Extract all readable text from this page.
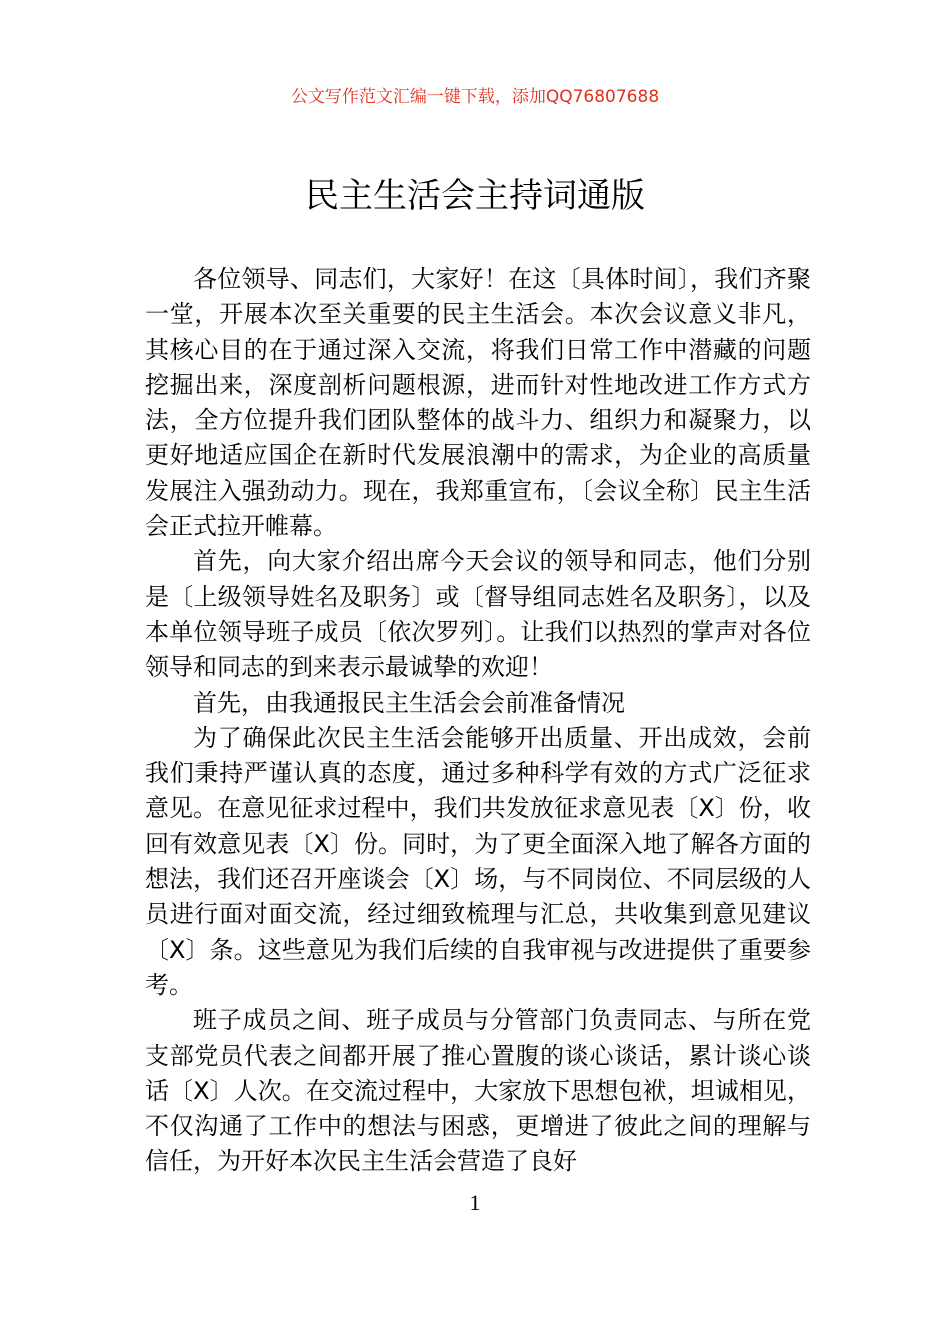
公文写作范文汇编一键下载，添加QQ76807688
民主生活会主持词通版

各位领导、同志们，大家好！在这〔具体时间〕，我们齐聚一堂，开展本次至关重要的民主生活会。本次会议意义非凡，其核心目的在于通过深入交流，将我们日常工作中潜藏的问题挖掘出来，深度剖析问题根源，进而针对性地改进工作方式方法，全方位提升我们团队整体的战斗力、组织力和凝聚力，以更好地适应国企在新时代发展浪潮中的需求，为企业的高质量发展注入强劲动力。现在，我郑重宣布，〔会议全称〕民主生活会正式拉开帷幕。

首先，向大家介绍出席今天会议的领导和同志，他们分别是〔上级领导姓名及职务〕或〔督导组同志姓名及职务〕，以及本单位领导班子成员〔依次罗列〕。让我们以热烈的掌声对各位领导和同志的到来表示最诚挚的欢迎！

首先，由我通报民主生活会会前准备情况

为了确保此次民主生活会能够开出质量、开出成效，会前我们秉持严谨认真的态度，通过多种科学有效的方式广泛征求意见。在意见征求过程中，我们共发放征求意见表〔X〕份，收回有效意见表〔X〕份。同时，为了更全面深入地了解各方面的想法，我们还召开座谈会〔X〕场，与不同岗位、不同层级的人员进行面对面交流，经过细致梳理与汇总，共收集到意见建议〔X〕条。这些意见为我们后续的自我审视与改进提供了重要参考。

班子成员之间、班子成员与分管部门负责同志、与所在党支部党员代表之间都开展了推心置腹的谈心谈话，累计谈心谈话〔X〕人次。在交流过程中，大家放下思想包袱，坦诚相见，不仅沟通了工作中的想法与困惑，更增进了彼此之间的理解与信任，为开好本次民主生活会营造了良好

1
